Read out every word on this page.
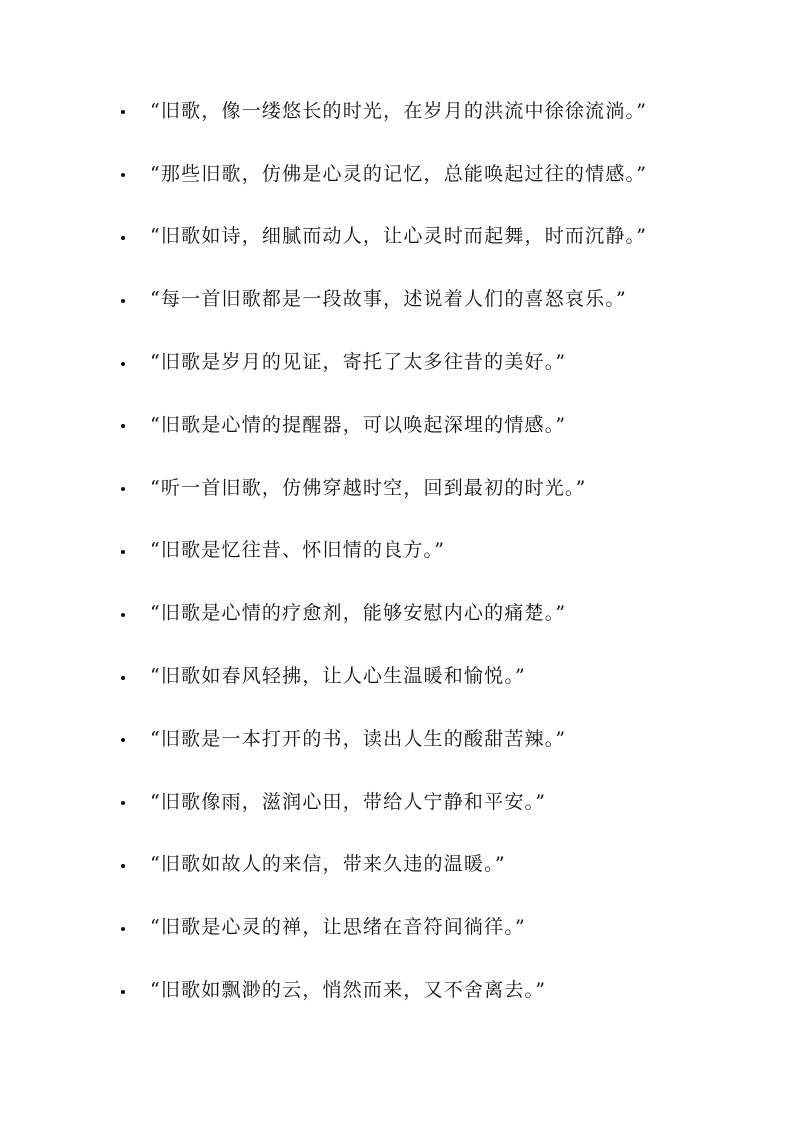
“旧歌，像一缕悠长的时光，在岁月的洪流中徐徐流淌。”
“那些旧歌，仿佛是心灵的记忆，总能唤起过往的情感。”
“旧歌如诗，细腻而动人，让心灵时而起舞，时而沉静。”
“每一首旧歌都是一段故事，述说着人们的喜怒哀乐。”
“旧歌是岁月的见证，寄托了太多往昔的美好。”
“旧歌是心情的提醒器，可以唤起深埋的情感。”
“听一首旧歌，仿佛穿越时空，回到最初的时光。”
“旧歌是忆往昔、怀旧情的良方。”
“旧歌是心情的疗愈剂，能够安慰内心的痛楚。”
“旧歌如春风轻拂，让人心生温暖和愉悦。”
“旧歌是一本打开的书，读出人生的酸甜苦辣。”
“旧歌像雨，滋润心田，带给人宁静和平安。”
“旧歌如故人的来信，带来久违的温暖。”
“旧歌是心灵的禅，让思绪在音符间徜徉。”
“旧歌如飘渺的云，悄然而来，又不舍离去。”
